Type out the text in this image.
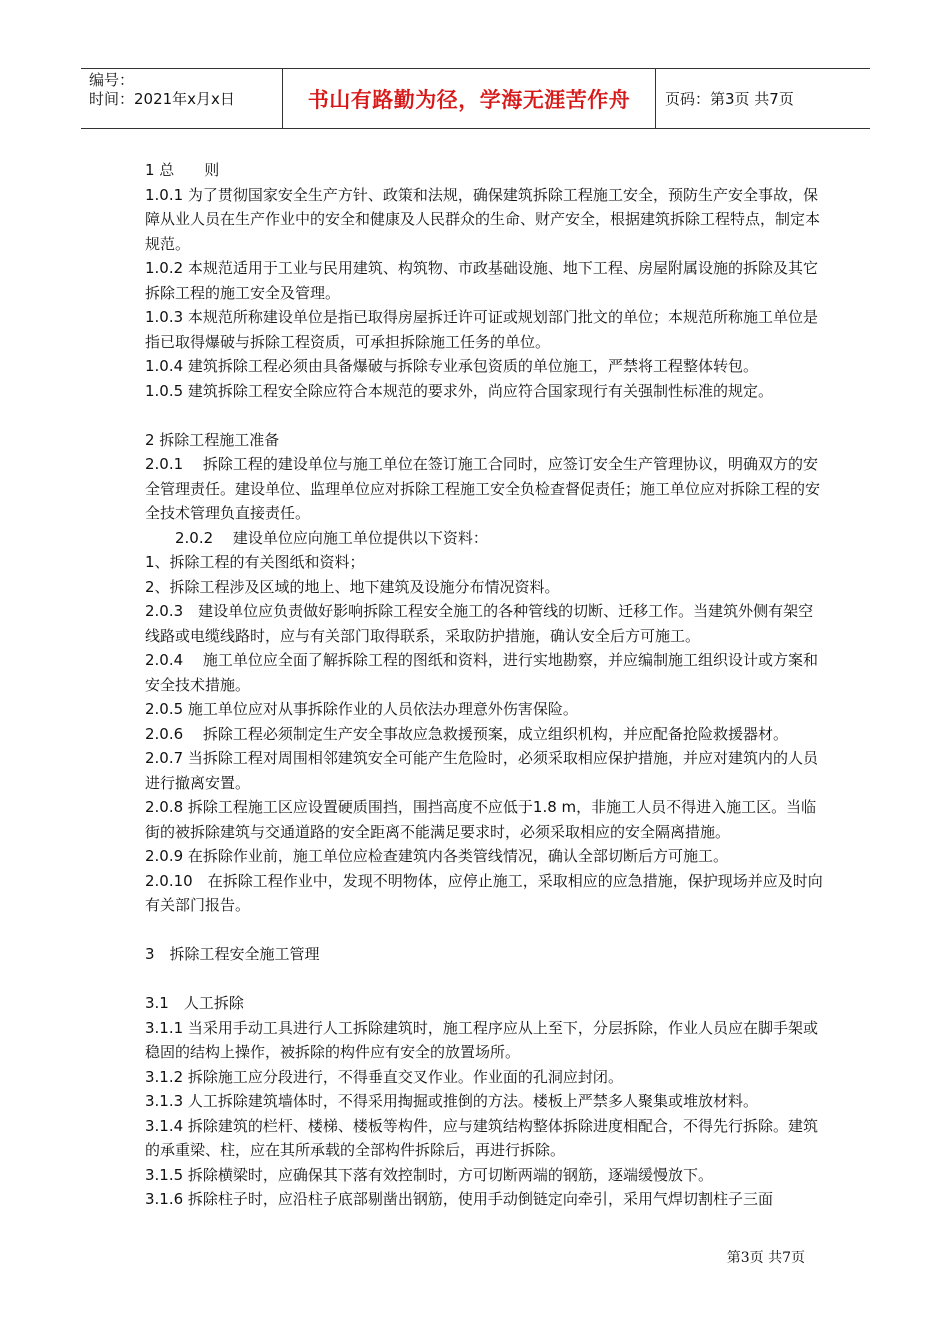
编号：
时间：2021年x月x日	书山有路勤为径，学海无涯苦作舟	页码：第3页 共7页

1 总　　则

1.0.1 为了贯彻国家安全生产方针、政策和法规，确保建筑拆除工程施工安全，预防生产安全事故，保障从业人员在生产作业中的安全和健康及人民群众的生命、财产安全，根据建筑拆除工程特点，制定本规范。

1.0.2 本规范适用于工业与民用建筑、构筑物、市政基础设施、地下工程、房屋附属设施的拆除及其它拆除工程的施工安全及管理。

1.0.3 本规范所称建设单位是指已取得房屋拆迁许可证或规划部门批文的单位；本规范所称施工单位是指已取得爆破与拆除工程资质，可承担拆除施工任务的单位。

1.0.4 建筑拆除工程必须由具备爆破与拆除专业承包资质的单位施工，严禁将工程整体转包。

1.0.5 建筑拆除工程安全除应符合本规范的要求外，尚应符合国家现行有关强制性标准的规定。

2 拆除工程施工准备

2.0.1　 拆除工程的建设单位与施工单位在签订施工合同时，应签订安全生产管理协议，明确双方的安全管理责任。建设单位、监理单位应对拆除工程施工安全负检查督促责任；施工单位应对拆除工程的安全技术管理负直接责任。

　　2.0.2　 建设单位应向施工单位提供以下资料：

1、拆除工程的有关图纸和资料；

2、拆除工程涉及区域的地上、地下建筑及设施分布情况资料。

2.0.3　建设单位应负责做好影响拆除工程安全施工的各种管线的切断、迁移工作。当建筑外侧有架空线路或电缆线路时，应与有关部门取得联系，采取防护措施，确认安全后方可施工。

2.0.4　 施工单位应全面了解拆除工程的图纸和资料，进行实地勘察，并应编制施工组织设计或方案和安全技术措施。

2.0.5 施工单位应对从事拆除作业的人员依法办理意外伤害保险。

2.0.6　 拆除工程必须制定生产安全事故应急救援预案，成立组织机构，并应配备抢险救援器材。

2.0.7 当拆除工程对周围相邻建筑安全可能产生危险时，必须采取相应保护措施，并应对建筑内的人员进行撤离安置。

2.0.8 拆除工程施工区应设置硬质围挡，围挡高度不应低于1.8 m，非施工人员不得进入施工区。当临街的被拆除建筑与交通道路的安全距离不能满足要求时，必须采取相应的安全隔离措施。

2.0.9 在拆除作业前，施工单位应检查建筑内各类管线情况，确认全部切断后方可施工。

2.0.10　在拆除工程作业中，发现不明物体，应停止施工，采取相应的应急措施，保护现场并应及时向有关部门报告。

3　拆除工程安全施工管理

3.1　人工拆除

3.1.1 当采用手动工具进行人工拆除建筑时，施工程序应从上至下，分层拆除，作业人员应在脚手架或稳固的结构上操作，被拆除的构件应有安全的放置场所。

3.1.2 拆除施工应分段进行，不得垂直交叉作业。作业面的孔洞应封闭。

3.1.3 人工拆除建筑墙体时，不得采用掏掘或推倒的方法。楼板上严禁多人聚集或堆放材料。

3.1.4 拆除建筑的栏杆、楼梯、楼板等构件，应与建筑结构整体拆除进度相配合，不得先行拆除。建筑的承重梁、柱，应在其所承载的全部构件拆除后，再进行拆除。

3.1.5 拆除横梁时，应确保其下落有效控制时，方可切断两端的钢筋，逐端缓慢放下。

3.1.6 拆除柱子时，应沿柱子底部剔凿出钢筋，使用手动倒链定向牵引，采用气焊切割柱子三面

第3页 共7页
